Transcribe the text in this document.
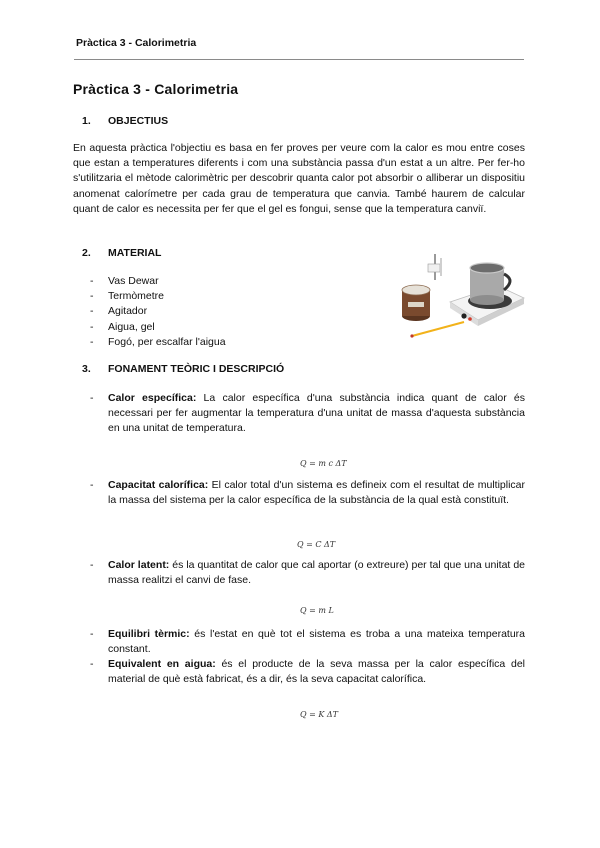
Pràctica 3 - Calorimetria
Pràctica 3 - Calorimetria
1. OBJECTIUS
En aquesta pràctica l'objectiu es basa en fer proves per veure com la calor es mou entre coses que estan a temperatures diferents i com una substància passa d'un estat a un altre. Per fer-ho s'utilitzaria el mètode calorimètric per descobrir quanta calor pot absorbir o alliberar un dispositiu anomenat calorímetre per cada grau de temperatura que canvia. També haurem de calcular quant de calor es necessita per fer que el gel es fongui, sense que la temperatura canviï.
2. MATERIAL
-	Vas Dewar
-	Termòmetre
-	Agitador
-	Aigua, gel
-	Fogó, per escalfar l'aigua
3. FONAMENT TEÒRIC I DESCRIPCIÓ
-	Calor específica: La calor específica d'una substància indica quant de calor és necessari per fer augmentar la temperatura d'una unitat de massa d'aquesta substància en una unitat de temperatura.
Q = m c ΔT
-	Capacitat calorífica: El calor total d'un sistema es defineix com el resultat de multiplicar la massa del sistema per la calor específica de la substància de la qual està constituït.
Q = C ΔT
-	Calor latent: és la quantitat de calor que cal aportar (o extreure) per tal que una unitat de massa realitzi el canvi de fase.
Q = m L
-	Equilibri tèrmic: és l'estat en què tot el sistema es troba a una mateixa temperatura constant.
-	Equivalent en aigua: és el producte de la seva massa per la calor específica del material de què està fabricat, és a dir, és la seva capacitat calorífica.
Q = K ΔT
